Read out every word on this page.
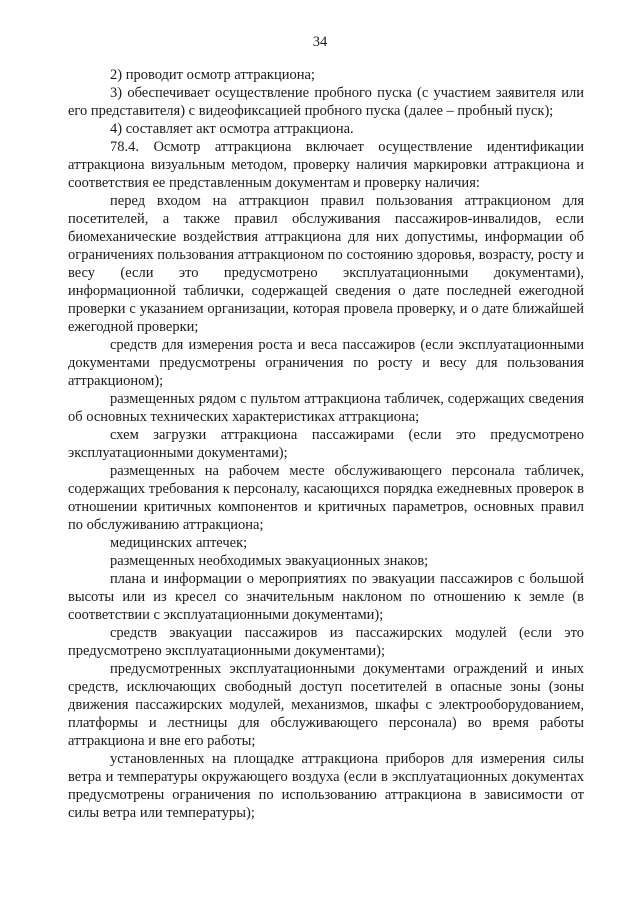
34

2) проводит осмотр аттракциона;

3) обеспечивает осуществление пробного пуска (с участием заявителя или его представителя) с видеофиксацией пробного пуска (далее – пробный пуск);

4) составляет акт осмотра аттракциона.

78.4. Осмотр аттракциона включает осуществление идентификации аттракциона визуальным методом, проверку наличия маркировки аттракциона и соответствия ее представленным документам и проверку наличия:

перед входом на аттракцион правил пользования аттракционом для посетителей, а также правил обслуживания пассажиров-инвалидов, если биомеханические воздействия аттракциона для них допустимы, информации об ограничениях пользования аттракционом по состоянию здоровья, возрасту, росту и весу (если это предусмотрено эксплуатационными документами), информационной таблички, содержащей сведения о дате последней ежегодной проверки с указанием организации, которая провела проверку, и о дате ближайшей ежегодной проверки;

средств для измерения роста и веса пассажиров (если эксплуатационными документами предусмотрены ограничения по росту и весу для пользования аттракционом);

размещенных рядом с пультом аттракциона табличек, содержащих сведения об основных технических характеристиках аттракциона;

схем загрузки аттракциона пассажирами (если это предусмотрено эксплуатационными документами);

размещенных на рабочем месте обслуживающего персонала табличек, содержащих требования к персоналу, касающихся порядка ежедневных проверок в отношении критичных компонентов и критичных параметров, основных правил по обслуживанию аттракциона;

медицинских аптечек;

размещенных необходимых эвакуационных знаков;

плана и информации о мероприятиях по эвакуации пассажиров с большой высоты или из кресел со значительным наклоном по отношению к земле (в соответствии с эксплуатационными документами);

средств эвакуации пассажиров из пассажирских модулей (если это предусмотрено эксплуатационными документами);

предусмотренных эксплуатационными документами ограждений и иных средств, исключающих свободный доступ посетителей в опасные зоны (зоны движения пассажирских модулей, механизмов, шкафы с электрооборудованием, платформы и лестницы для обслуживающего персонала) во время работы аттракциона и вне его работы;

установленных на площадке аттракциона приборов для измерения силы ветра и температуры окружающего воздуха (если в эксплуатационных документах предусмотрены ограничения по использованию аттракциона в зависимости от силы ветра или температуры);
